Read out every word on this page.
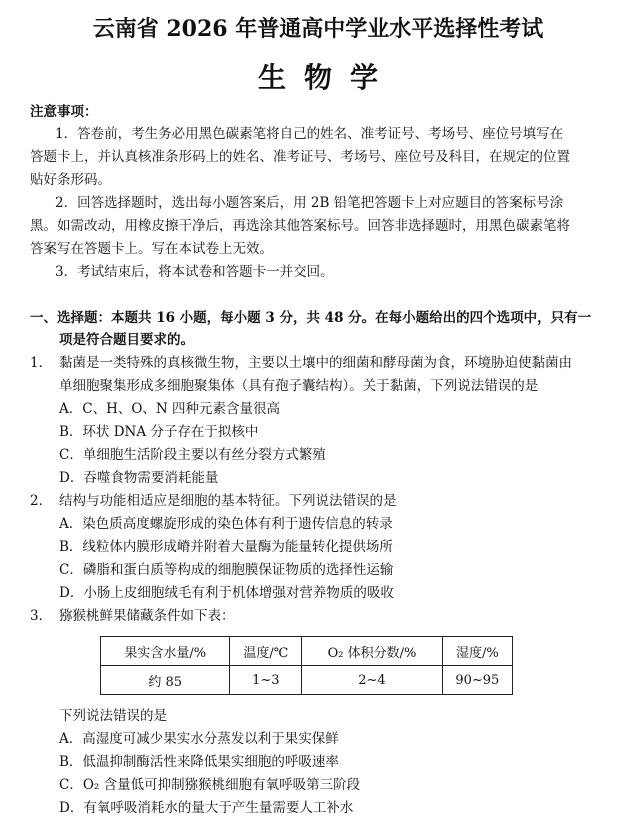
云南省 2026 年普通高中学业水平选择性考试
生物学
注意事项：
1．答卷前，考生务必用黑色碳素笔将自己的姓名、准考证号、考场号、座位号填写在
答题卡上，并认真核准条形码上的姓名、准考证号、考场号、座位号及科目，在规定的位置
贴好条形码。
2．回答选择题时，选出每小题答案后，用 2B 铅笔把答题卡上对应题目的答案标号涂
黑。如需改动，用橡皮擦干净后，再选涂其他答案标号。回答非选择题时，用黑色碳素笔将
答案写在答题卡上。写在本试卷上无效。
3．考试结束后，将本试卷和答题卡一并交回。
一、选择题：本题共 16 小题，每小题 3 分，共 48 分。在每小题给出的四个选项中，只有一
项是符合题目要求的。
1． 黏菌是一类特殊的真核微生物，主要以土壤中的细菌和酵母菌为食，环境胁迫使黏菌由
单细胞聚集形成多细胞聚集体（具有孢子囊结构）。关于黏菌，下列说法错误的是
A．C、H、O、N 四种元素含量很高
B．环状 DNA 分子存在于拟核中
C．单细胞生活阶段主要以有丝分裂方式繁殖
D．吞噬食物需要消耗能量
2． 结构与功能相适应是细胞的基本特征。下列说法错误的是
A．染色质高度螺旋形成的染色体有利于遗传信息的转录
B．线粒体内膜形成嵴并附着大量酶为能量转化提供场所
C．磷脂和蛋白质等构成的细胞膜保证物质的选择性运输
D．小肠上皮细胞绒毛有利于机体增强对营养物质的吸收
3． 猕猴桃鲜果储藏条件如下表：
果实含水量/%	温度/℃	O₂ 体积分数/%	湿度/%
约 85	1~3	2~4	90~95
下列说法错误的是
A．高湿度可减少果实水分蒸发以利于果实保鲜
B．低温抑制酶活性来降低果实细胞的呼吸速率
C．O₂ 含量低可抑制猕猴桃细胞有氧呼吸第三阶段
D．有氧呼吸消耗水的量大于产生量需要人工补水
